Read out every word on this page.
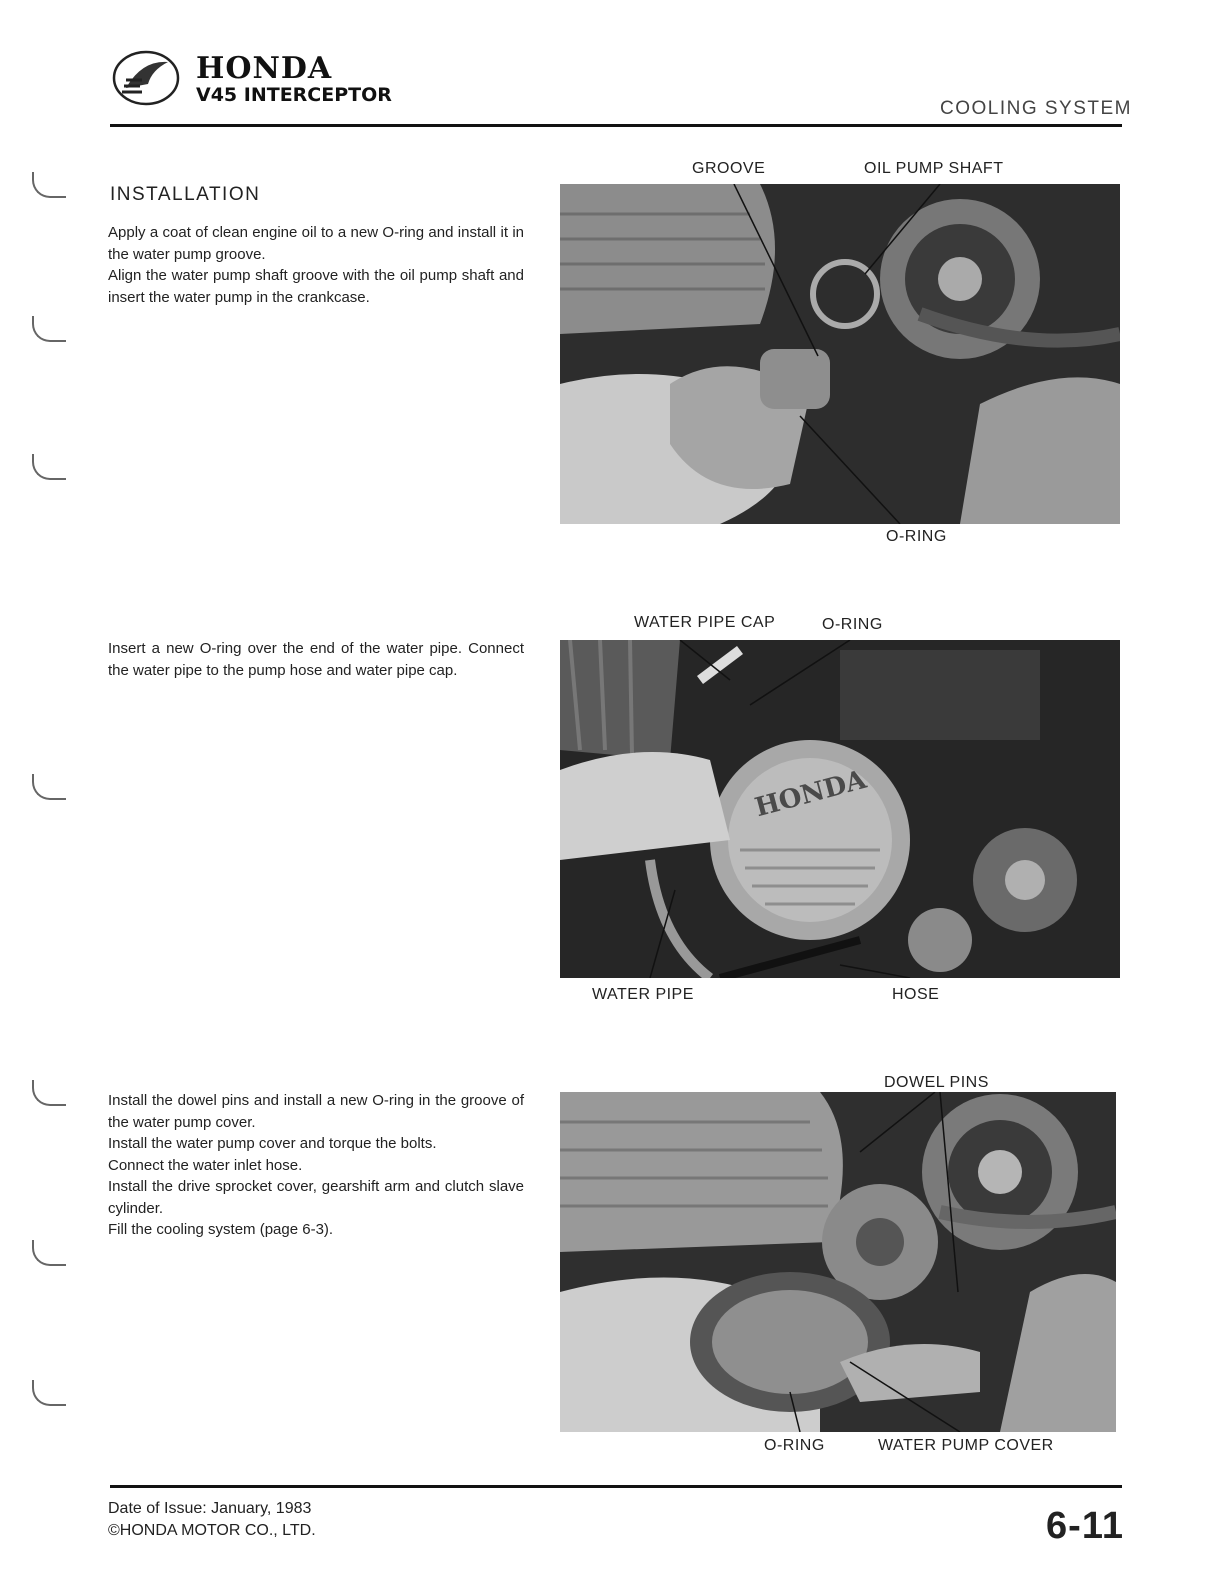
HONDA
V45 INTERCEPTOR
COOLING SYSTEM
INSTALLATION

Apply a coat of clean engine oil to a new O-ring and install it in the water pump groove.

Align the water pump shaft groove with the oil pump shaft and insert the water pump in the crankcase.

GROOVE	OIL PUMP SHAFT
O-RING

Insert a new O-ring over the end of the water pipe. Connect the water pipe to the pump hose and water pipe cap.

WATER PIPE CAP	O-RING
HONDA
WATER PIPE	HOSE

Install the dowel pins and install a new O-ring in the groove of the water pump cover.

Install the water pump cover and torque the bolts.

Connect the water inlet hose.

Install the drive sprocket cover, gearshift arm and clutch slave cylinder.

Fill the cooling system (page 6-3).

DOWEL PINS
O-RING	WATER PUMP COVER
Date of Issue: January, 1983
©HONDA MOTOR CO., LTD.	6-11
